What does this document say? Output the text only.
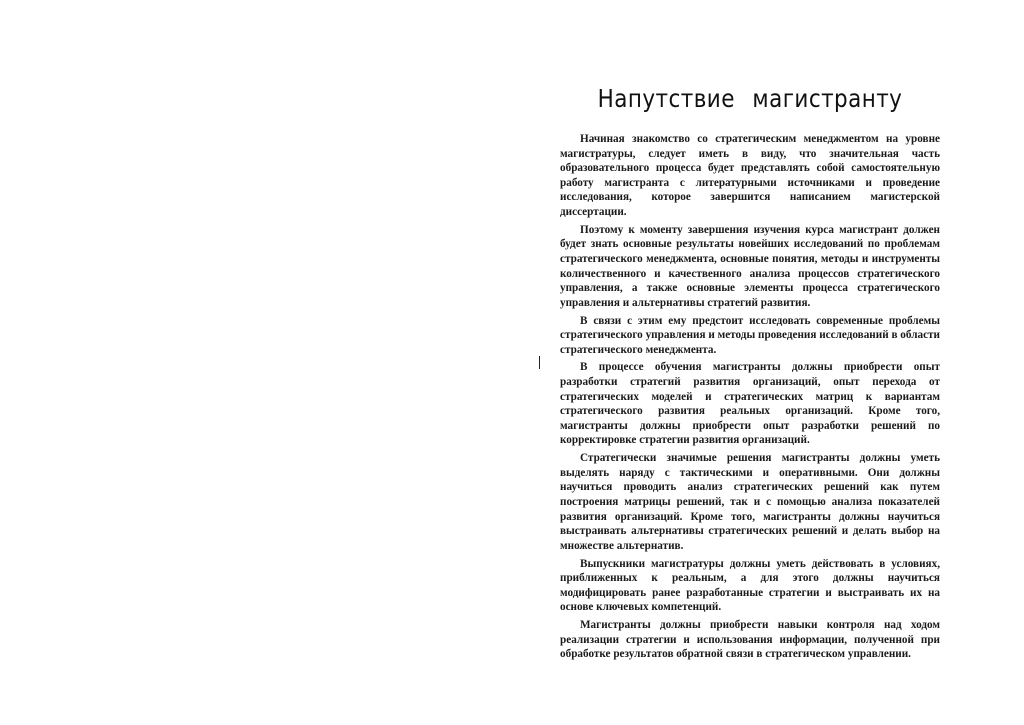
Напутствие магистранту

Начиная знакомство со стратегическим менеджментом на уровне магистратуры, следует иметь в виду, что значительная часть образовательного процесса будет представлять собой самостоятельную работу магистранта с литературными источниками и проведение исследования, которое завершится написанием магистерской диссертации.

Поэтому к моменту завершения изучения курса магистрант должен будет знать основные результаты новейших исследований по проблемам стратегического менеджмента, основные понятия, методы и инструменты количественного и качественного анализа процессов стратегического управления, а также основные элементы процесса стратегического управления и альтернативы стратегий развития.

В связи с этим ему предстоит исследовать современные проблемы стратегического управления и методы проведения исследований в области стратегического менеджмента.

В процессе обучения магистранты должны приобрести опыт разработки стратегий развития организаций, опыт перехода от стратегических моделей и стратегических матриц к вариантам стратегического развития реальных организаций. Кроме того, магистранты должны приобрести опыт разработки решений по корректировке стратегии развития организаций.

Стратегически значимые решения магистранты должны уметь выделять наряду с тактическими и оперативными. Они должны научиться проводить анализ стратегических решений как путем построения матрицы решений, так и с помощью анализа показателей развития организаций. Кроме того, магистранты должны научиться выстраивать альтернативы стратегических решений и делать выбор на множестве альтернатив.

Выпускники магистратуры должны уметь действовать в условиях, приближенных к реальным, а для этого должны научиться модифицировать ранее разработанные стратегии и выстраивать их на основе ключевых компетенций.

Магистранты должны приобрести навыки контроля над ходом реализации стратегии и использования информации, полученной при обработке результатов обратной связи в стратегическом управлении.
